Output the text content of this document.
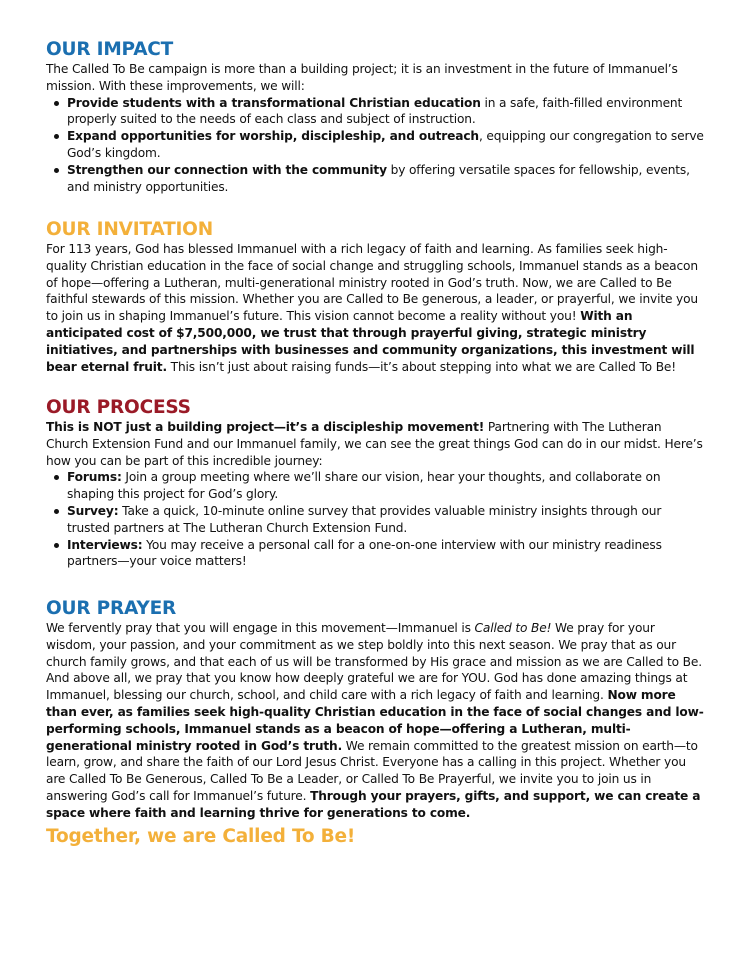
OUR IMPACT

The Called To Be campaign is more than a building project; it is an investment in the future of Immanuel’s mission. With these improvements, we will:

Provide students with a transformational Christian education in a safe, faith-filled environment properly suited to the needs of each class and subject of instruction.
Expand opportunities for worship, discipleship, and outreach, equipping our congregation to serve God’s kingdom.
Strengthen our connection with the community by offering versatile spaces for fellowship, events, and ministry opportunities.
OUR INVITATION

For 113 years, God has blessed Immanuel with a rich legacy of faith and learning. As families seek high-quality Christian education in the face of social change and struggling schools, Immanuel stands as a beacon of hope—offering a Lutheran, multi-generational ministry rooted in God’s truth. Now, we are Called to Be faithful stewards of this mission. Whether you are Called to Be generous, a leader, or prayerful, we invite you to join us in shaping Immanuel’s future. This vision cannot become a reality without you! With an anticipated cost of $7,500,000, we trust that through prayerful giving, strategic ministry initiatives, and partnerships with businesses and community organizations, this investment will bear eternal fruit. This isn’t just about raising funds—it’s about stepping into what we are Called To Be!

OUR PROCESS

This is NOT just a building project—it’s a discipleship movement! Partnering with The Lutheran Church Extension Fund and our Immanuel family, we can see the great things God can do in our midst. Here’s how you can be part of this incredible journey:

Forums: Join a group meeting where we’ll share our vision, hear your thoughts, and collaborate on shaping this project for God’s glory.
Survey: Take a quick, 10-minute online survey that provides valuable ministry insights through our trusted partners at The Lutheran Church Extension Fund.
Interviews: You may receive a personal call for a one-on-one interview with our ministry readiness partners—your voice matters!
OUR PRAYER

We fervently pray that you will engage in this movement—Immanuel is Called to Be! We pray for your wisdom, your passion, and your commitment as we step boldly into this next season. We pray that as our church family grows, and that each of us will be transformed by His grace and mission as we are Called to Be. And above all, we pray that you know how deeply grateful we are for YOU. God has done amazing things at Immanuel, blessing our church, school, and child care with a rich legacy of faith and learning. Now more than ever, as families seek high-quality Christian education in the face of social changes and low-performing schools, Immanuel stands as a beacon of hope—offering a Lutheran, multi-generational ministry rooted in God’s truth. We remain committed to the greatest mission on earth—to learn, grow, and share the faith of our Lord Jesus Christ. Everyone has a calling in this project. Whether you are Called To Be Generous, Called To Be a Leader, or Called To Be Prayerful, we invite you to join us in answering God’s call for Immanuel’s future. Through your prayers, gifts, and support, we can create a space where faith and learning thrive for generations to come.

Together, we are Called To Be!
